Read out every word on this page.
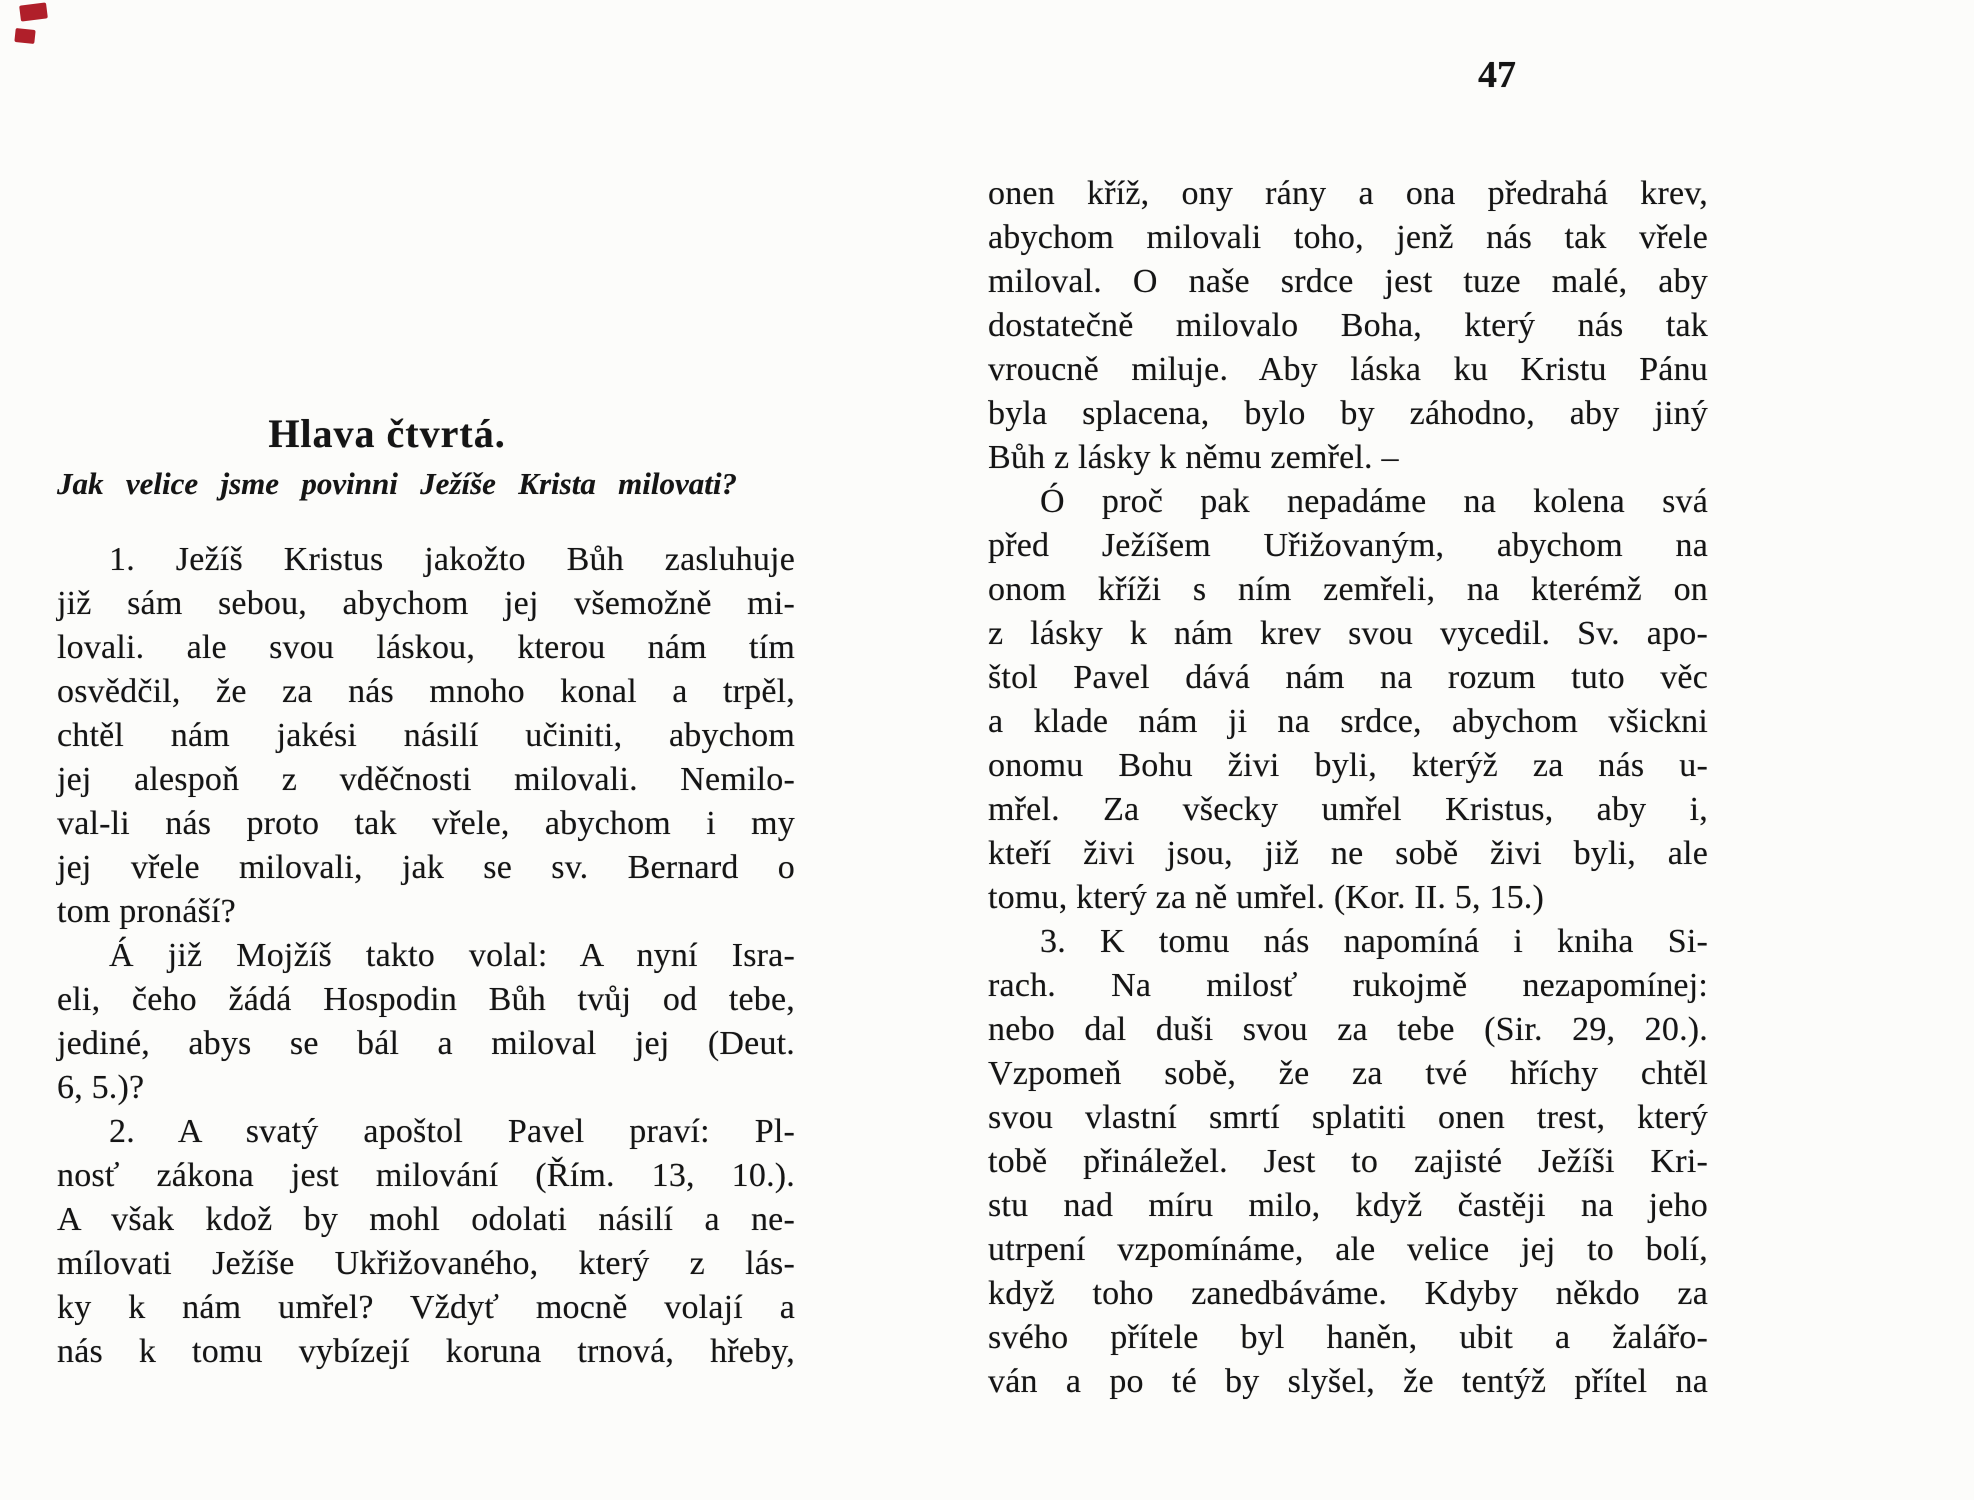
Hlava čtvrtá.
Jak velice jsme povinni Ježíše Krista milovati?
1. Ježíš Kristus jakožto Bůh zasluhuje
již sám sebou, abychom jej všemožně mi-
lovali. ale svou láskou, kterou nám tím
osvědčil, že za nás mnoho konal a trpěl,
chtěl nám jakési násilí učiniti, abychom
jej alespoň z vděčnosti milovali. Nemilo-
val-li nás proto tak vřele, abychom i my
jej vřele milovali, jak se sv. Bernard o
tom pronáší?
Á již Mojžíš takto volal: A nyní Isra-
eli, čeho žádá Hospodin Bůh tvůj od tebe,
jediné, abys se bál a miloval jej (Deut.
6, 5.)?
2. A svatý apoštol Pavel praví: Pl-
nosť zákona jest milování (Řím. 13, 10.).
A však kdož by mohl odolati násilí a ne-
mílovati Ježíše Ukřižovaného, který z lás-
ky k nám umřel? Vždyť mocně volají a
nás k tomu vybízejí koruna trnová, hřeby,
47
onen kříž, ony rány a ona předrahá krev,
abychom milovali toho, jenž nás tak vřele
miloval. O naše srdce jest tuze malé, aby
dostatečně milovalo Boha, který nás tak
vroucně miluje. Aby láska ku Kristu Pánu
byla splacena, bylo by záhodno, aby jiný
Bůh z lásky k němu zemřel. –
Ó proč pak nepadáme na kolena svá
před Ježíšem Uřižovaným, abychom na
onom kříži s ním zemřeli, na kterémž on
z lásky k nám krev svou vycedil. Sv. apo-
štol Pavel dává nám na rozum tuto věc
a klade nám ji na srdce, abychom všickni
onomu Bohu živi byli, kterýž za nás u-
mřel. Za všecky umřel Kristus, aby i,
kteří živi jsou, již ne sobě živi byli, ale
tomu, který za ně umřel. (Kor. II. 5, 15.)
3. K tomu nás napomíná i kniha Si-
rach. Na milosť rukojmě nezapomínej:
nebo dal duši svou za tebe (Sir. 29, 20.).
Vzpomeň sobě, že za tvé hříchy chtěl
svou vlastní smrtí splatiti onen trest, který
tobě přináležel. Jest to zajisté Ježíši Kri-
stu nad míru milo, když častěji na jeho
utrpení vzpomínáme, ale velice jej to bolí,
když toho zanedbáváme. Kdyby někdo za
svého přítele byl haněn, ubit a žalářo-
ván a po té by slyšel, že tentýž přítel na
